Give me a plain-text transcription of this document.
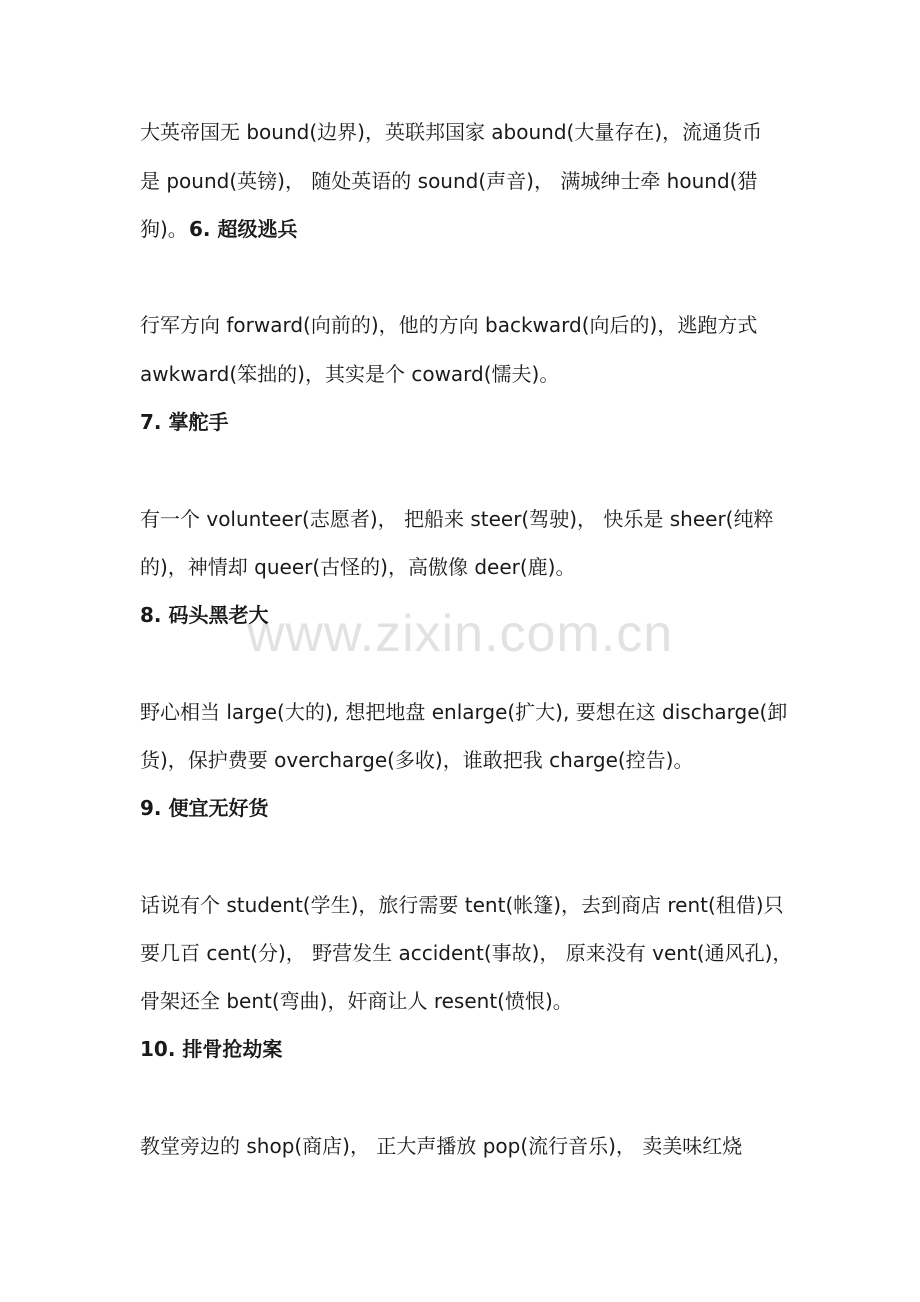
大英帝国无 bound(边界)，英联邦国家 abound(大量存在)，流通货币
是 pound(英镑)， 随处英语的 sound(声音)， 满城绅士牵 hound(猎
狗)。 6. 超级逃兵
行军方向 forward(向前的)，他的方向 backward(向后的)，逃跑方式
awkward(笨拙的)，其实是个 coward(懦夫)。
7. 掌舵手
有一个 volunteer(志愿者)， 把船来 steer(驾驶)， 快乐是 sheer(纯粹
的)，神情却 queer(古怪的)，高傲像 deer(鹿)。
8. 码头黑老大
野心相当 large(大的), 想把地盘 enlarge(扩大), 要想在这 discharge(卸
货)，保护费要 overcharge(多收)，谁敢把我 charge(控告)。
9. 便宜无好货
话说有个 student(学生)，旅行需要 tent(帐篷)，去到商店 rent(租借)只
要几百 cent(分)， 野营发生 accident(事故)， 原来没有 vent(通风孔)，
骨架还全 bent(弯曲)，奸商让人 resent(愤恨)。
10. 排骨抢劫案
教堂旁边的 shop(商店)， 正大声播放 pop(流行音乐)， 卖美味红烧
www.zixin.com.cn
